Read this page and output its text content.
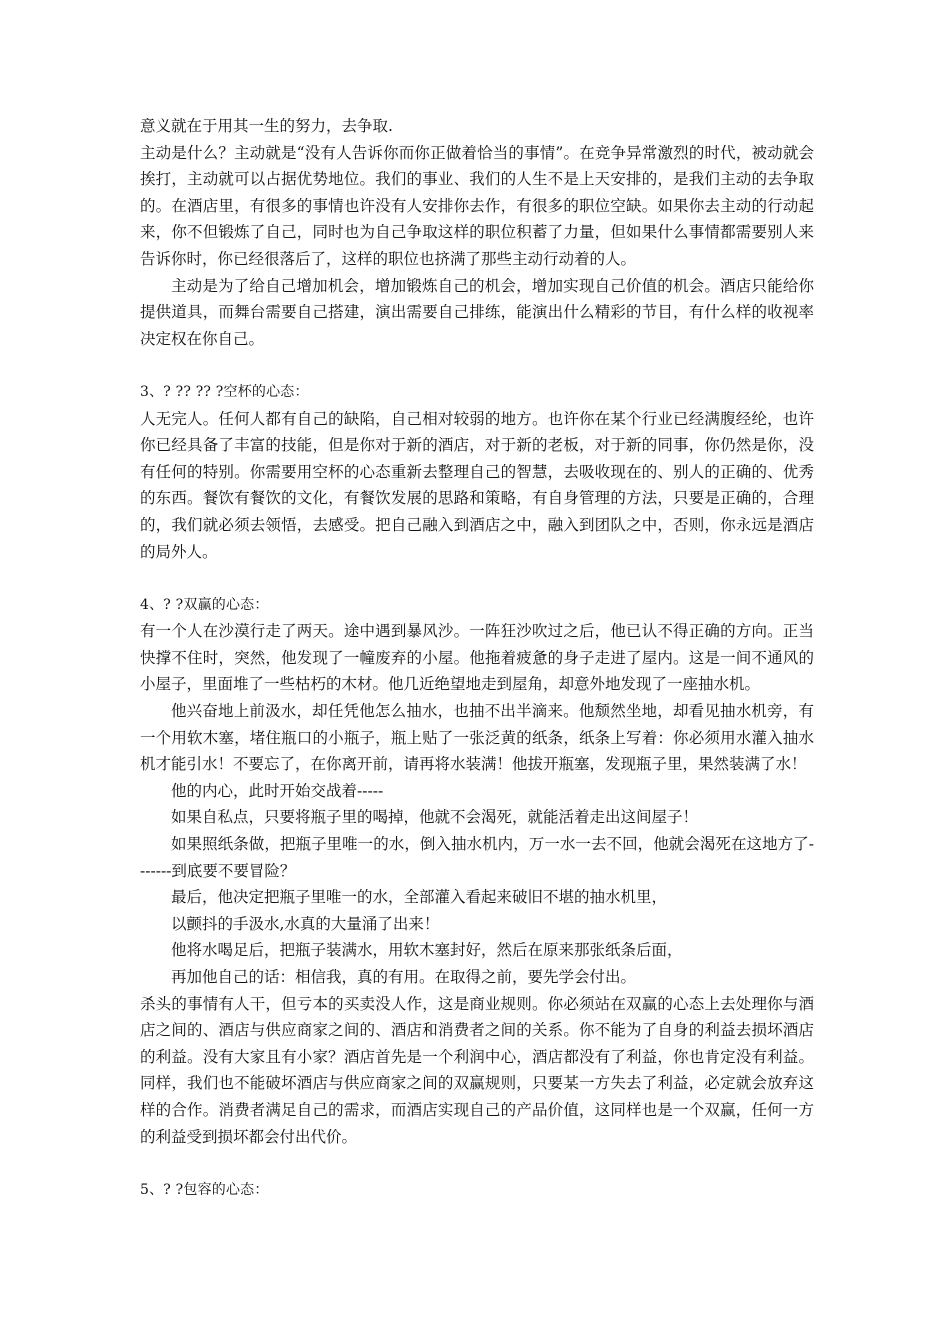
意义就在于用其一生的努力，去争取.

主动是什么？主动就是“没有人告诉你而你正做着恰当的事情”。在竞争异常激烈的时代，被动就会挨打，主动就可以占据优势地位。我们的事业、我们的人生不是上天安排的，是我们主动的去争取的。在酒店里，有很多的事情也许没有人安排你去作，有很多的职位空缺。如果你去主动的行动起来，你不但锻炼了自己，同时也为自己争取这样的职位积蓄了力量，但如果什么事情都需要别人来告诉你时，你已经很落后了，这样的职位也挤满了那些主动行动着的人。

主动是为了给自己增加机会，增加锻炼自己的机会，增加实现自己价值的机会。酒店只能给你提供道具，而舞台需要自己搭建，演出需要自己排练，能演出什么精彩的节目，有什么样的收视率决定权在你自己。

3、? ?? ?? ?空杯的心态：

人无完人。任何人都有自己的缺陷，自己相对较弱的地方。也许你在某个行业已经满腹经纶，也许你已经具备了丰富的技能，但是你对于新的酒店，对于新的老板，对于新的同事，你仍然是你，没有任何的特别。你需要用空杯的心态重新去整理自己的智慧，去吸收现在的、别人的正确的、优秀的东西。餐饮有餐饮的文化，有餐饮发展的思路和策略，有自身管理的方法，只要是正确的，合理的，我们就必须去领悟，去感受。把自己融入到酒店之中，融入到团队之中，否则，你永远是酒店的局外人。

4、? ?双赢的心态：

有一个人在沙漠行走了两天。途中遇到暴风沙。一阵狂沙吹过之后，他已认不得正确的方向。正当快撑不住时，突然，他发现了一幢废弃的小屋。他拖着疲惫的身子走进了屋内。这是一间不通风的小屋子，里面堆了一些枯朽的木材。他几近绝望地走到屋角，却意外地发现了一座抽水机。

他兴奋地上前汲水，却任凭他怎么抽水，也抽不出半滴来。他颓然坐地，却看见抽水机旁，有一个用软木塞，堵住瓶口的小瓶子，瓶上贴了一张泛黄的纸条，纸条上写着：你必须用水灌入抽水机才能引水！不要忘了，在你离开前，请再将水装满！他拔开瓶塞，发现瓶子里，果然装满了水！

他的内心，此时开始交战着-----

如果自私点，只要将瓶子里的喝掉，他就不会渴死，就能活着走出这间屋子！

如果照纸条做，把瓶子里唯一的水，倒入抽水机内，万一水一去不回，他就会渴死在这地方了-------到底要不要冒险？

最后，他决定把瓶子里唯一的水，全部灌入看起来破旧不堪的抽水机里，

以颤抖的手汲水,水真的大量涌了出来！

他将水喝足后，把瓶子装满水，用软木塞封好，然后在原来那张纸条后面，

再加他自己的话：相信我，真的有用。在取得之前，要先学会付出。

杀头的事情有人干，但亏本的买卖没人作，这是商业规则。你必须站在双赢的心态上去处理你与酒店之间的、酒店与供应商家之间的、酒店和消费者之间的关系。你不能为了自身的利益去损坏酒店的利益。没有大家且有小家？酒店首先是一个利润中心，酒店都没有了利益，你也肯定没有利益。同样，我们也不能破坏酒店与供应商家之间的双赢规则，只要某一方失去了利益，必定就会放弃这样的合作。消费者满足自己的需求，而酒店实现自己的产品价值，这同样也是一个双赢，任何一方的利益受到损坏都会付出代价。

5、? ?包容的心态：
